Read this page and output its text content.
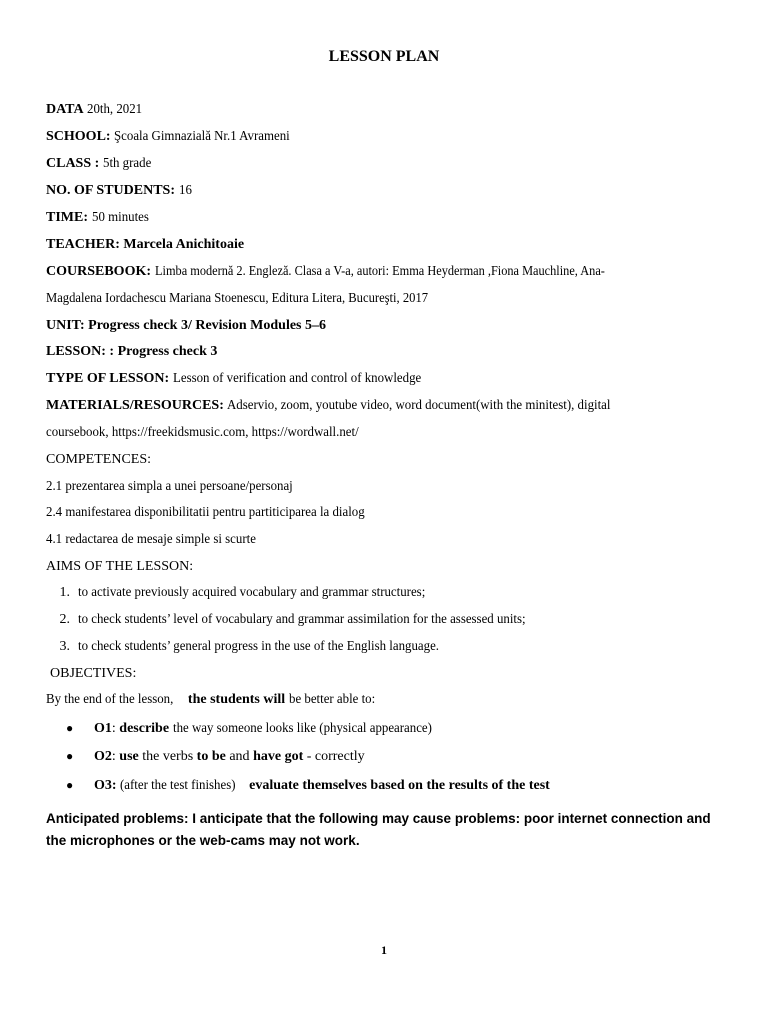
LESSON PLAN
DATA 20th, 2021
SCHOOL: Şcoala Gimnazială Nr.1 Avrameni
CLASS : 5th grade
NO. OF STUDENTS: 16
TIME: 50 minutes
TEACHER: Marcela Anichitoaie
COURSEBOOK: Limba modernă 2. Engleză. Clasa a V-a, autori: Emma Heyderman ,Fiona Mauchline, Ana-
Magdalena Iordachescu Mariana Stoenescu, Editura Litera, Bucureşti, 2017
UNIT: Progress check 3/ Revision Modules 5–6
LESSON: : Progress check 3
TYPE OF LESSON: Lesson of verification and control of knowledge
MATERIALS/RESOURCES: Adservio, zoom, youtube video, word document(with the minitest), digital
coursebook, https://freekidsmusic.com, https://wordwall.net/
COMPETENCES:
2.1 prezentarea simpla a unei persoane/personaj
2.4 manifestarea disponibilitatii pentru partiticiparea la dialog
4.1 redactarea de mesaje simple si scurte
AIMS OF THE LESSON:
1. to activate previously acquired vocabulary and grammar structures;
2. to check students’ level of vocabulary and grammar assimilation for the assessed units;
3. to check students’ general progress in the use of the English language.
OBJECTIVES:
By the end of the lesson, the students will be better able to:
● O1: describe the way someone looks like (physical appearance)
● O2: use the verbs to be and have got - correctly
● O3: (after the test finishes) evaluate themselves based on the results of the test
Anticipated problems: I anticipate that the following may cause problems: poor internet connection and
the microphones or the web-cams may not work.
1
